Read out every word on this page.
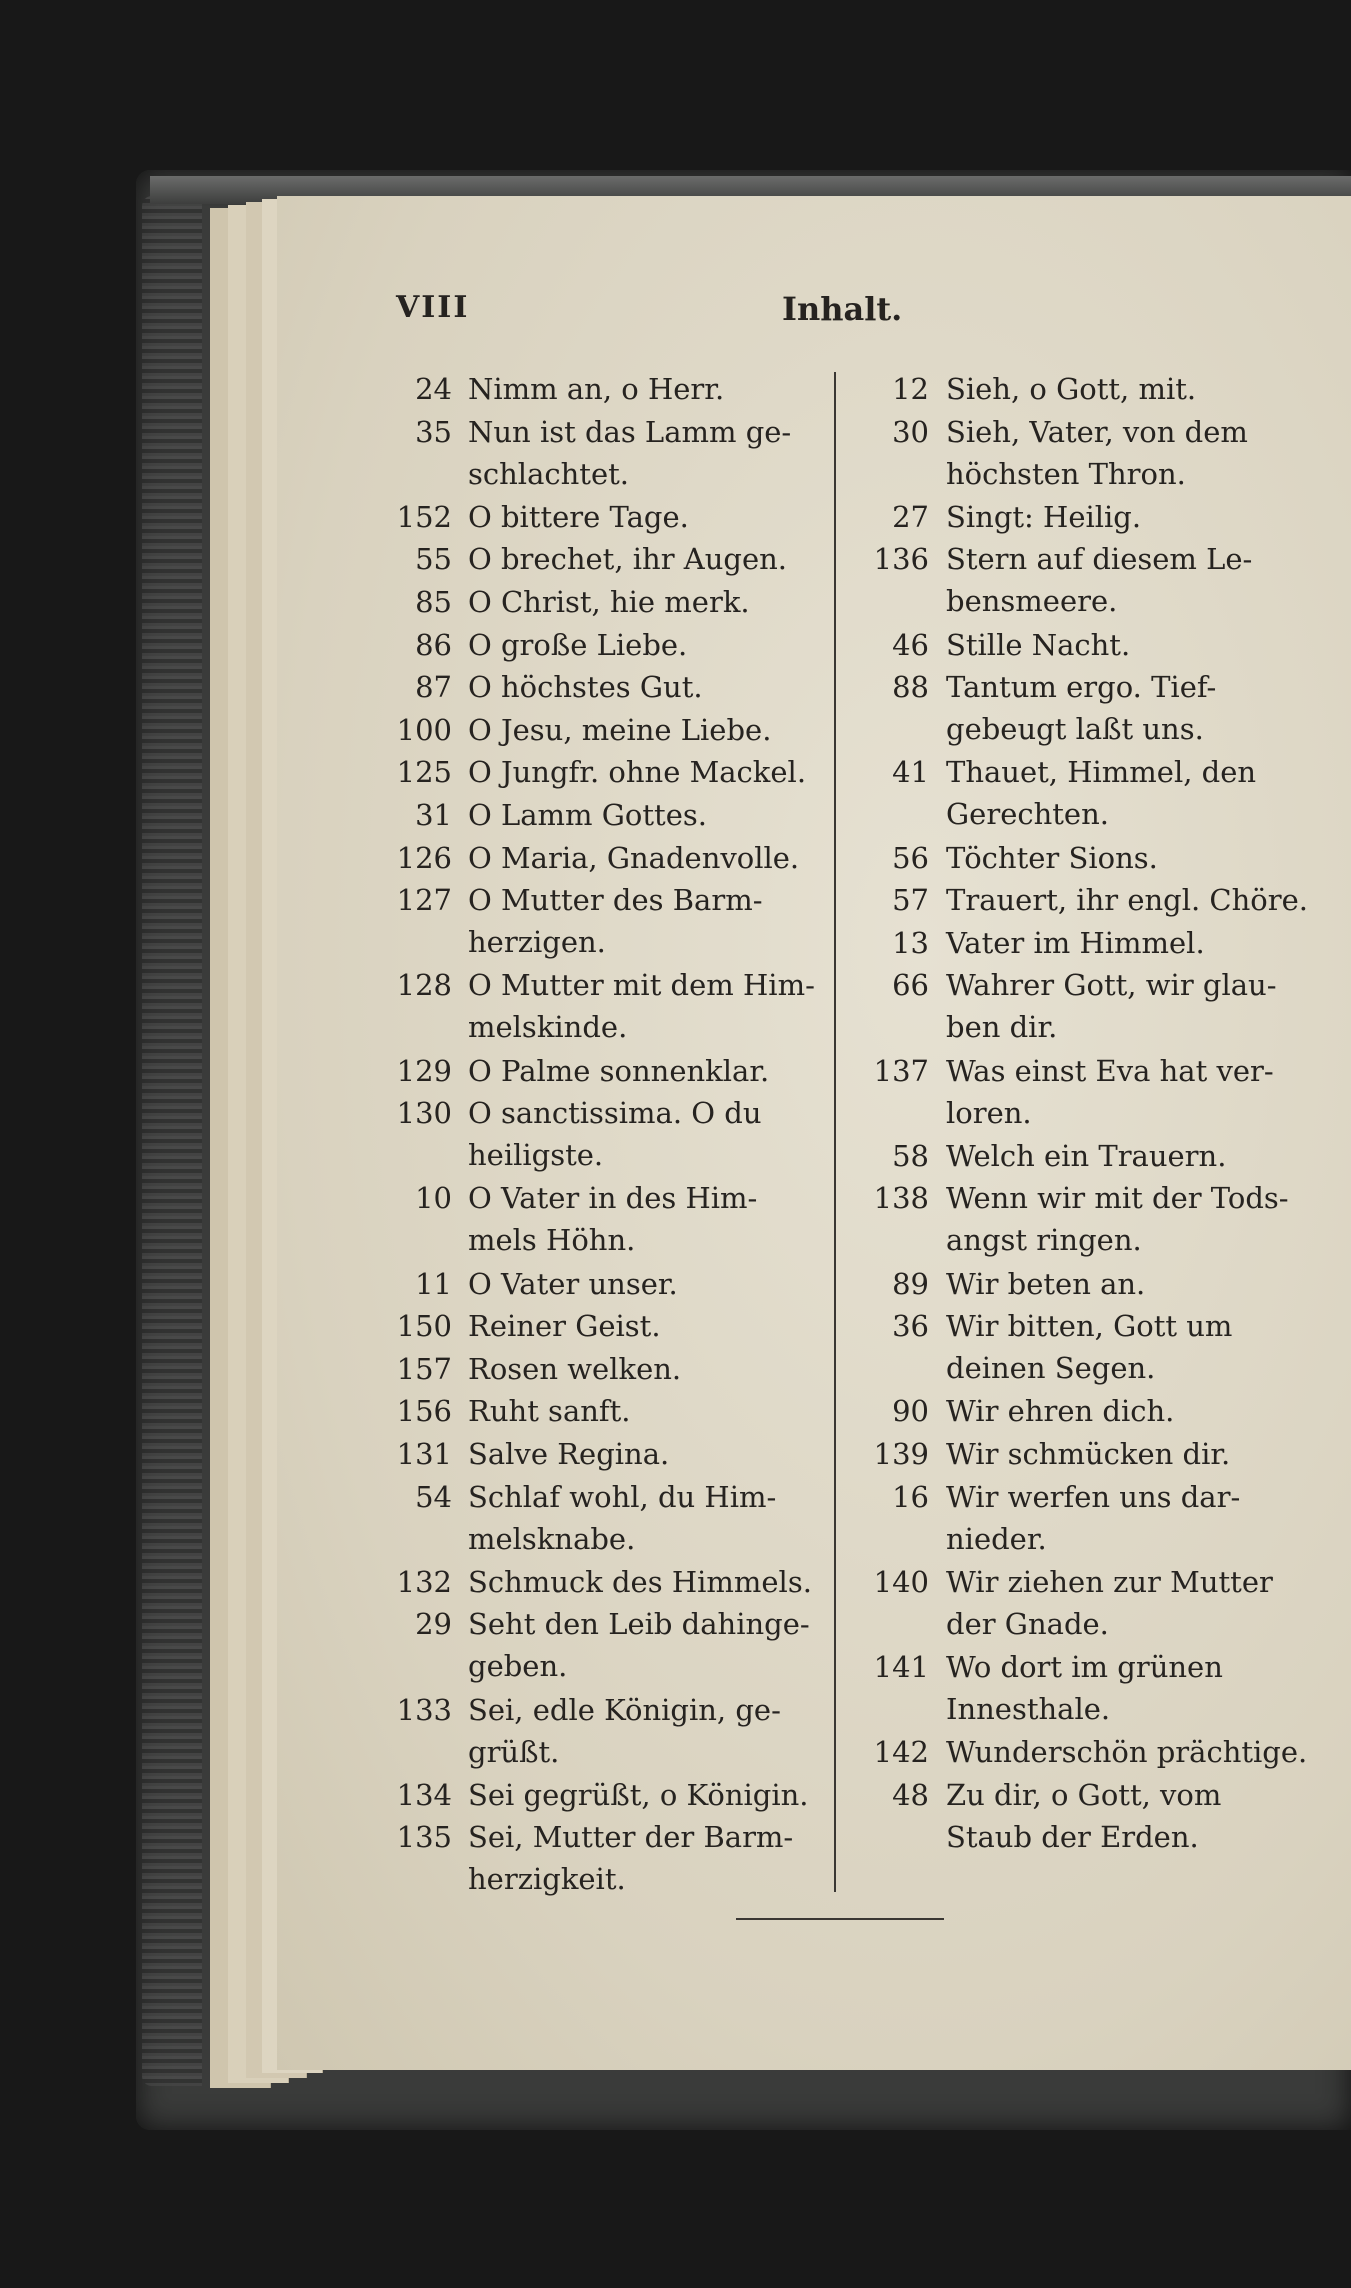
VIII	Inhalt.
24 Nimm an, o Herr.
35 Nun ist das Lamm ge-
schlachtet.
152 O bittere Tage.
55 O brechet, ihr Augen.
85 O Christ, hie merk.
86 O große Liebe.
87 O höchstes Gut.
100 O Jesu, meine Liebe.
125 O Jungfr. ohne Mackel.
31 O Lamm Gottes.
126 O Maria, Gnadenvolle.
127 O Mutter des Barm-
herzigen.
128 O Mutter mit dem Him-
melskinde.
129 O Palme sonnenklar.
130 O sanctissima. O du
heiligste.
10 O Vater in des Him-
mels Höhn.
11 O Vater unser.
150 Reiner Geist.
157 Rosen welken.
156 Ruht sanft.
131 Salve Regina.
54 Schlaf wohl, du Him-
melsknabe.
132 Schmuck des Himmels.
29 Seht den Leib dahinge-
geben.
133 Sei, edle Königin, ge-
grüßt.
134 Sei gegrüßt, o Königin.
135 Sei, Mutter der Barm-
herzigkeit.
12 Sieh, o Gott, mit.
30 Sieh, Vater, von dem
höchsten Thron.
27 Singt: Heilig.
136 Stern auf diesem Le-
bensmeere.
46 Stille Nacht.
88 Tantum ergo. Tief-
gebeugt laßt uns.
41 Thauet, Himmel, den
Gerechten.
56 Töchter Sions.
57 Trauert, ihr engl. Chöre.
13 Vater im Himmel.
66 Wahrer Gott, wir glau-
ben dir.
137 Was einst Eva hat ver-
loren.
58 Welch ein Trauern.
138 Wenn wir mit der Tods-
angst ringen.
89 Wir beten an.
36 Wir bitten, Gott um
deinen Segen.
90 Wir ehren dich.
139 Wir schmücken dir.
16 Wir werfen uns dar-
nieder.
140 Wir ziehen zur Mutter
der Gnade.
141 Wo dort im grünen
Innesthale.
142 Wunderschön prächtige.
48 Zu dir, o Gott, vom
Staub der Erden.
